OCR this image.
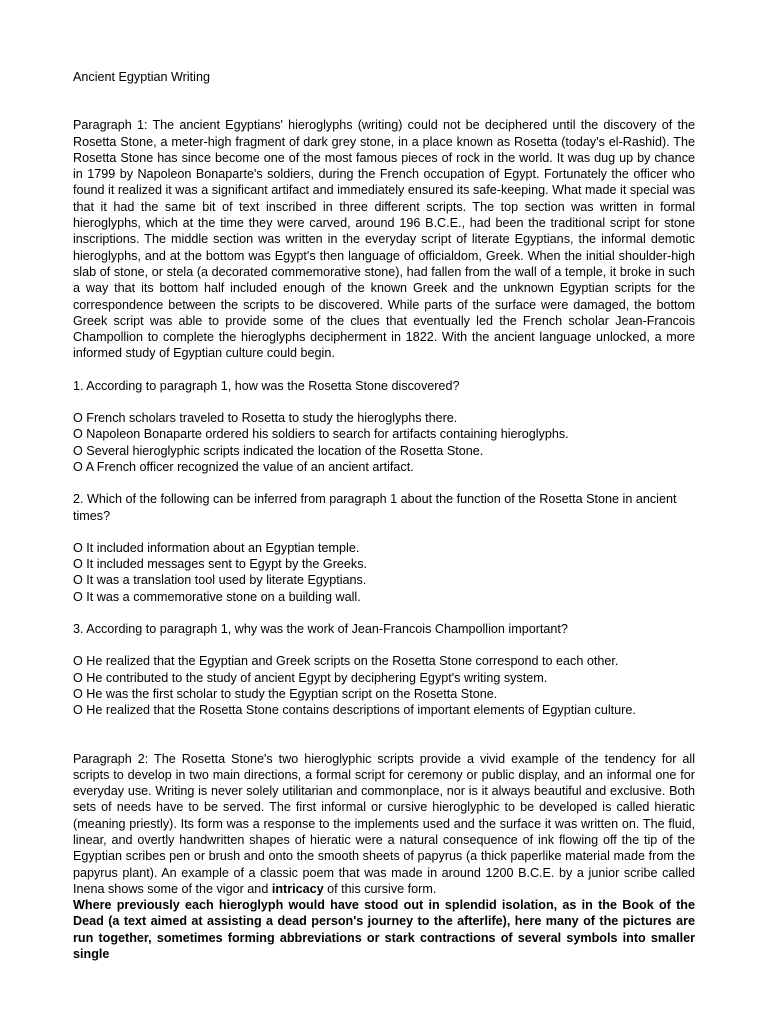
Ancient Egyptian Writing

Paragraph 1: The ancient Egyptians' hieroglyphs (writing) could not be deciphered until the discovery of the Rosetta Stone, a meter-high fragment of dark grey stone, in a place known as Rosetta (today's el-Rashid). The Rosetta Stone has since become one of the most famous pieces of rock in the world. It was dug up by chance in 1799 by Napoleon Bonaparte's soldiers, during the French occupation of Egypt. Fortunately the officer who found it realized it was a significant artifact and immediately ensured its safe-keeping. What made it special was that it had the same bit of text inscribed in three different scripts. The top section was written in formal hieroglyphs, which at the time they were carved, around 196 B.C.E., had been the traditional script for stone inscriptions. The middle section was written in the everyday script of literate Egyptians, the informal demotic hieroglyphs, and at the bottom was Egypt's then language of officialdom, Greek. When the initial shoulder-high slab of stone, or stela (a decorated commemorative stone), had fallen from the wall of a temple, it broke in such a way that its bottom half included enough of the known Greek and the unknown Egyptian scripts for the correspondence between the scripts to be discovered. While parts of the surface were damaged, the bottom Greek script was able to provide some of the clues that eventually led the French scholar Jean-Francois Champollion to complete the hieroglyphs decipherment in 1822. With the ancient language unlocked, a more informed study of Egyptian culture could begin.

1. According to paragraph 1, how was the Rosetta Stone discovered?

O French scholars traveled to Rosetta to study the hieroglyphs there.
O Napoleon Bonaparte ordered his soldiers to search for artifacts containing hieroglyphs.
O Several hieroglyphic scripts indicated the location of the Rosetta Stone.
O A French officer recognized the value of an ancient artifact.

2. Which of the following can be inferred from paragraph 1 about the function of the Rosetta Stone in ancient times?

O It included information about an Egyptian temple.
O It included messages sent to Egypt by the Greeks.
O It was a translation tool used by literate Egyptians.
O It was a commemorative stone on a building wall.

3. According to paragraph 1, why was the work of Jean-Francois Champollion important?

O He realized that the Egyptian and Greek scripts on the Rosetta Stone correspond to each other.
O He contributed to the study of ancient Egypt by deciphering Egypt's writing system.
O He was the first scholar to study the Egyptian script on the Rosetta Stone.
O He realized that the Rosetta Stone contains descriptions of important elements of Egyptian culture.

Paragraph 2: The Rosetta Stone's two hieroglyphic scripts provide a vivid example of the tendency for all scripts to develop in two main directions, a formal script for ceremony or public display, and an informal one for everyday use. Writing is never solely utilitarian and commonplace, nor is it always beautiful and exclusive. Both sets of needs have to be served. The first informal or cursive hieroglyphic to be developed is called hieratic (meaning priestly). Its form was a response to the implements used and the surface it was written on. The fluid, linear, and overtly handwritten shapes of hieratic were a natural consequence of ink flowing off the tip of the Egyptian scribes pen or brush and onto the smooth sheets of papyrus (a thick paperlike material made from the papyrus plant). An example of a classic poem that was made in around 1200 B.C.E. by a junior scribe called Inena shows some of the vigor and intricacy of this cursive form.
Where previously each hieroglyph would have stood out in splendid isolation, as in the Book of the Dead (a text aimed at assisting a dead person's journey to the afterlife), here many of the pictures are run together, sometimes forming abbreviations or stark contractions of several symbols into smaller single
